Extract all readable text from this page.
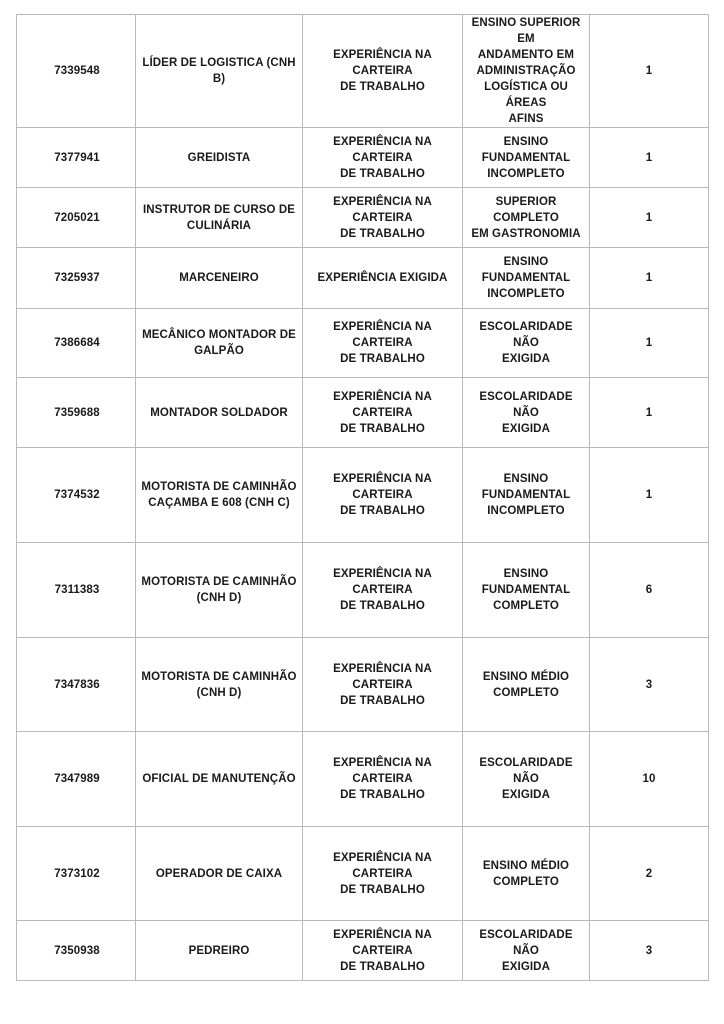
7339548	LÍDER DE LOGISTICA (CNH B)	EXPERIÊNCIA NA CARTEIRA
DE TRABALHO	ENSINO SUPERIOR EM
ANDAMENTO EM
ADMINISTRAÇÃO
LOGÍSTICA OU ÁREAS
AFINS	1
7377941	GREIDISTA	EXPERIÊNCIA NA CARTEIRA
DE TRABALHO	ENSINO
FUNDAMENTAL
INCOMPLETO	1
7205021	INSTRUTOR DE CURSO DE
CULINÁRIA	EXPERIÊNCIA NA CARTEIRA
DE TRABALHO	SUPERIOR COMPLETO
EM GASTRONOMIA	1
7325937	MARCENEIRO	EXPERIÊNCIA EXIGIDA	ENSINO
FUNDAMENTAL
INCOMPLETO	1
7386684	MECÂNICO MONTADOR DE
GALPÃO	EXPERIÊNCIA NA CARTEIRA
DE TRABALHO	ESCOLARIDADE NÃO
EXIGIDA	1
7359688	MONTADOR SOLDADOR	EXPERIÊNCIA NA CARTEIRA
DE TRABALHO	ESCOLARIDADE NÃO
EXIGIDA	1
7374532	MOTORISTA DE CAMINHÃO
CAÇAMBA E 608 (CNH C)	EXPERIÊNCIA NA CARTEIRA
DE TRABALHO	ENSINO
FUNDAMENTAL
INCOMPLETO	1
7311383	MOTORISTA DE CAMINHÃO
(CNH D)	EXPERIÊNCIA NA CARTEIRA
DE TRABALHO	ENSINO
FUNDAMENTAL
COMPLETO	6
7347836	MOTORISTA DE CAMINHÃO
(CNH D)	EXPERIÊNCIA NA CARTEIRA
DE TRABALHO	ENSINO MÉDIO
COMPLETO	3
7347989	OFICIAL DE MANUTENÇÃO	EXPERIÊNCIA NA CARTEIRA
DE TRABALHO	ESCOLARIDADE NÃO
EXIGIDA	10
7373102	OPERADOR DE CAIXA	EXPERIÊNCIA NA CARTEIRA
DE TRABALHO	ENSINO MÉDIO
COMPLETO	2
7350938	PEDREIRO	EXPERIÊNCIA NA CARTEIRA
DE TRABALHO	ESCOLARIDADE NÃO
EXIGIDA	3
